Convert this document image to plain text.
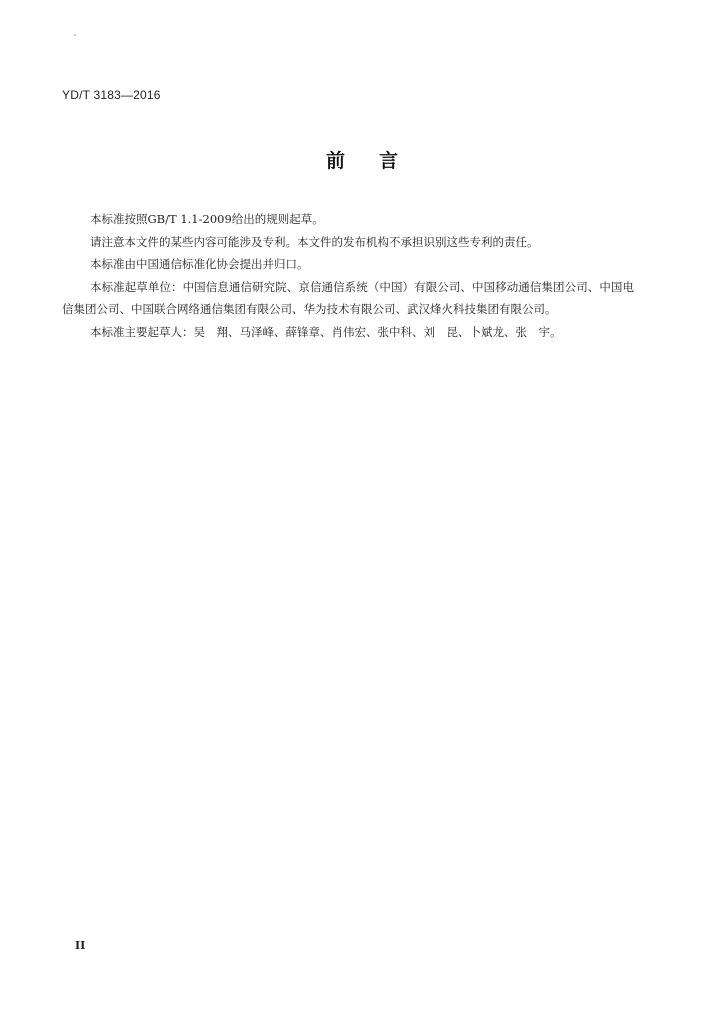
YD/T 3183—2016
前 言

本标准按照GB/T 1.1-2009给出的规则起草。

请注意本文件的某些内容可能涉及专利。本文件的发布机构不承担识别这些专利的责任。

本标准由中国通信标准化协会提出并归口。

本标准起草单位：中国信息通信研究院、京信通信系统（中国）有限公司、中国移动通信集团公司、中国电信集团公司、中国联合网络通信集团有限公司、华为技术有限公司、武汉烽火科技集团有限公司。

本标准主要起草人：吴　翔、马泽峰、薛锋章、肖伟宏、张中科、刘　昆、卜斌龙、张　宇。

II
